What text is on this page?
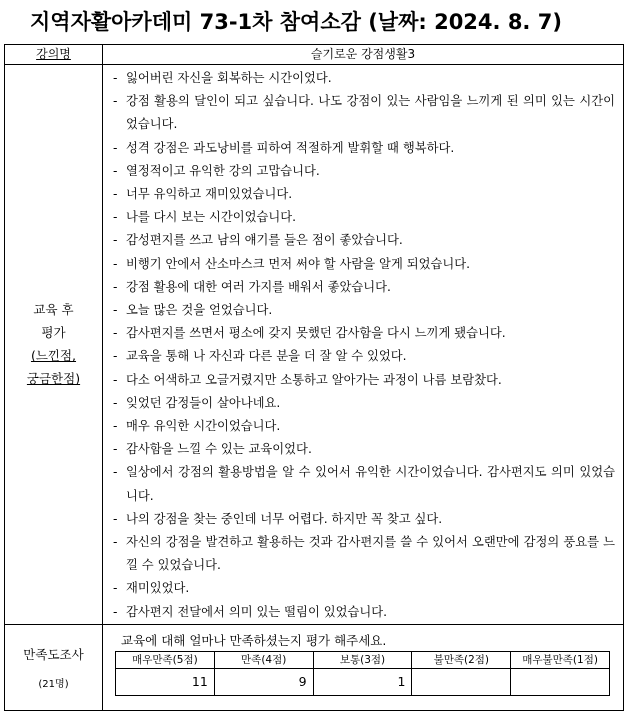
지역자활아카데미 73-1차 참여소감 (날짜: 2024. 8. 7)
강의명	슬기로운 강점생활3

교육 후
평가
(느낀점,
궁금한점)

- 잃어버린 자신을 회복하는 시간이었다.
- 강점 활용의 달인이 되고 싶습니다. 나도 강점이 있는 사람임을 느끼게 된 의미 있는 시간이었습니다.
- 성격 강점은 과도낭비를 피하여 적절하게 발휘할 때 행복하다.
- 열정적이고 유익한 강의 고맙습니다.
- 너무 유익하고 재미있었습니다.
- 나를 다시 보는 시간이었습니다.
- 감성편지를 쓰고 남의 얘기를 들은 점이 좋았습니다.
- 비행기 안에서 산소마스크 먼저 써야 할 사람을 알게 되었습니다.
- 강점 활용에 대한 여러 가지를 배워서 좋았습니다.
- 오늘 많은 것을 얻었습니다.
- 감사편지를 쓰면서 평소에 갖지 못했던 감사함을 다시 느끼게 됐습니다.
- 교육을 통해 나 자신과 다른 분을 더 잘 알 수 있었다.
- 다소 어색하고 오글거렸지만 소통하고 알아가는 과정이 나름 보람찼다.
- 잊었던 감정들이 살아나네요.
- 매우 유익한 시간이었습니다.
- 감사함을 느낄 수 있는 교육이었다.
- 일상에서 강점의 활용방법을 알 수 있어서 유익한 시간이었습니다. 감사편지도 의미 있었습니다.
- 나의 강점을 찾는 중인데 너무 어렵다. 하지만 꼭 찾고 싶다.
- 자신의 강점을 발견하고 활용하는 것과 감사편지를 쓸 수 있어서 오랜만에 감정의 풍요를 느낄 수 있었습니다.
- 재미있었다.
- 감사편지 전달에서 의미 있는 떨림이 있었습니다.

만족도조사
(21명)

교육에 대해 얼마나 만족하셨는지 평가 해주세요.
매우만족(5점)	만족(4점)	보통(3점)	불만족(2점)	매우불만족(1점)
11	9	1		
